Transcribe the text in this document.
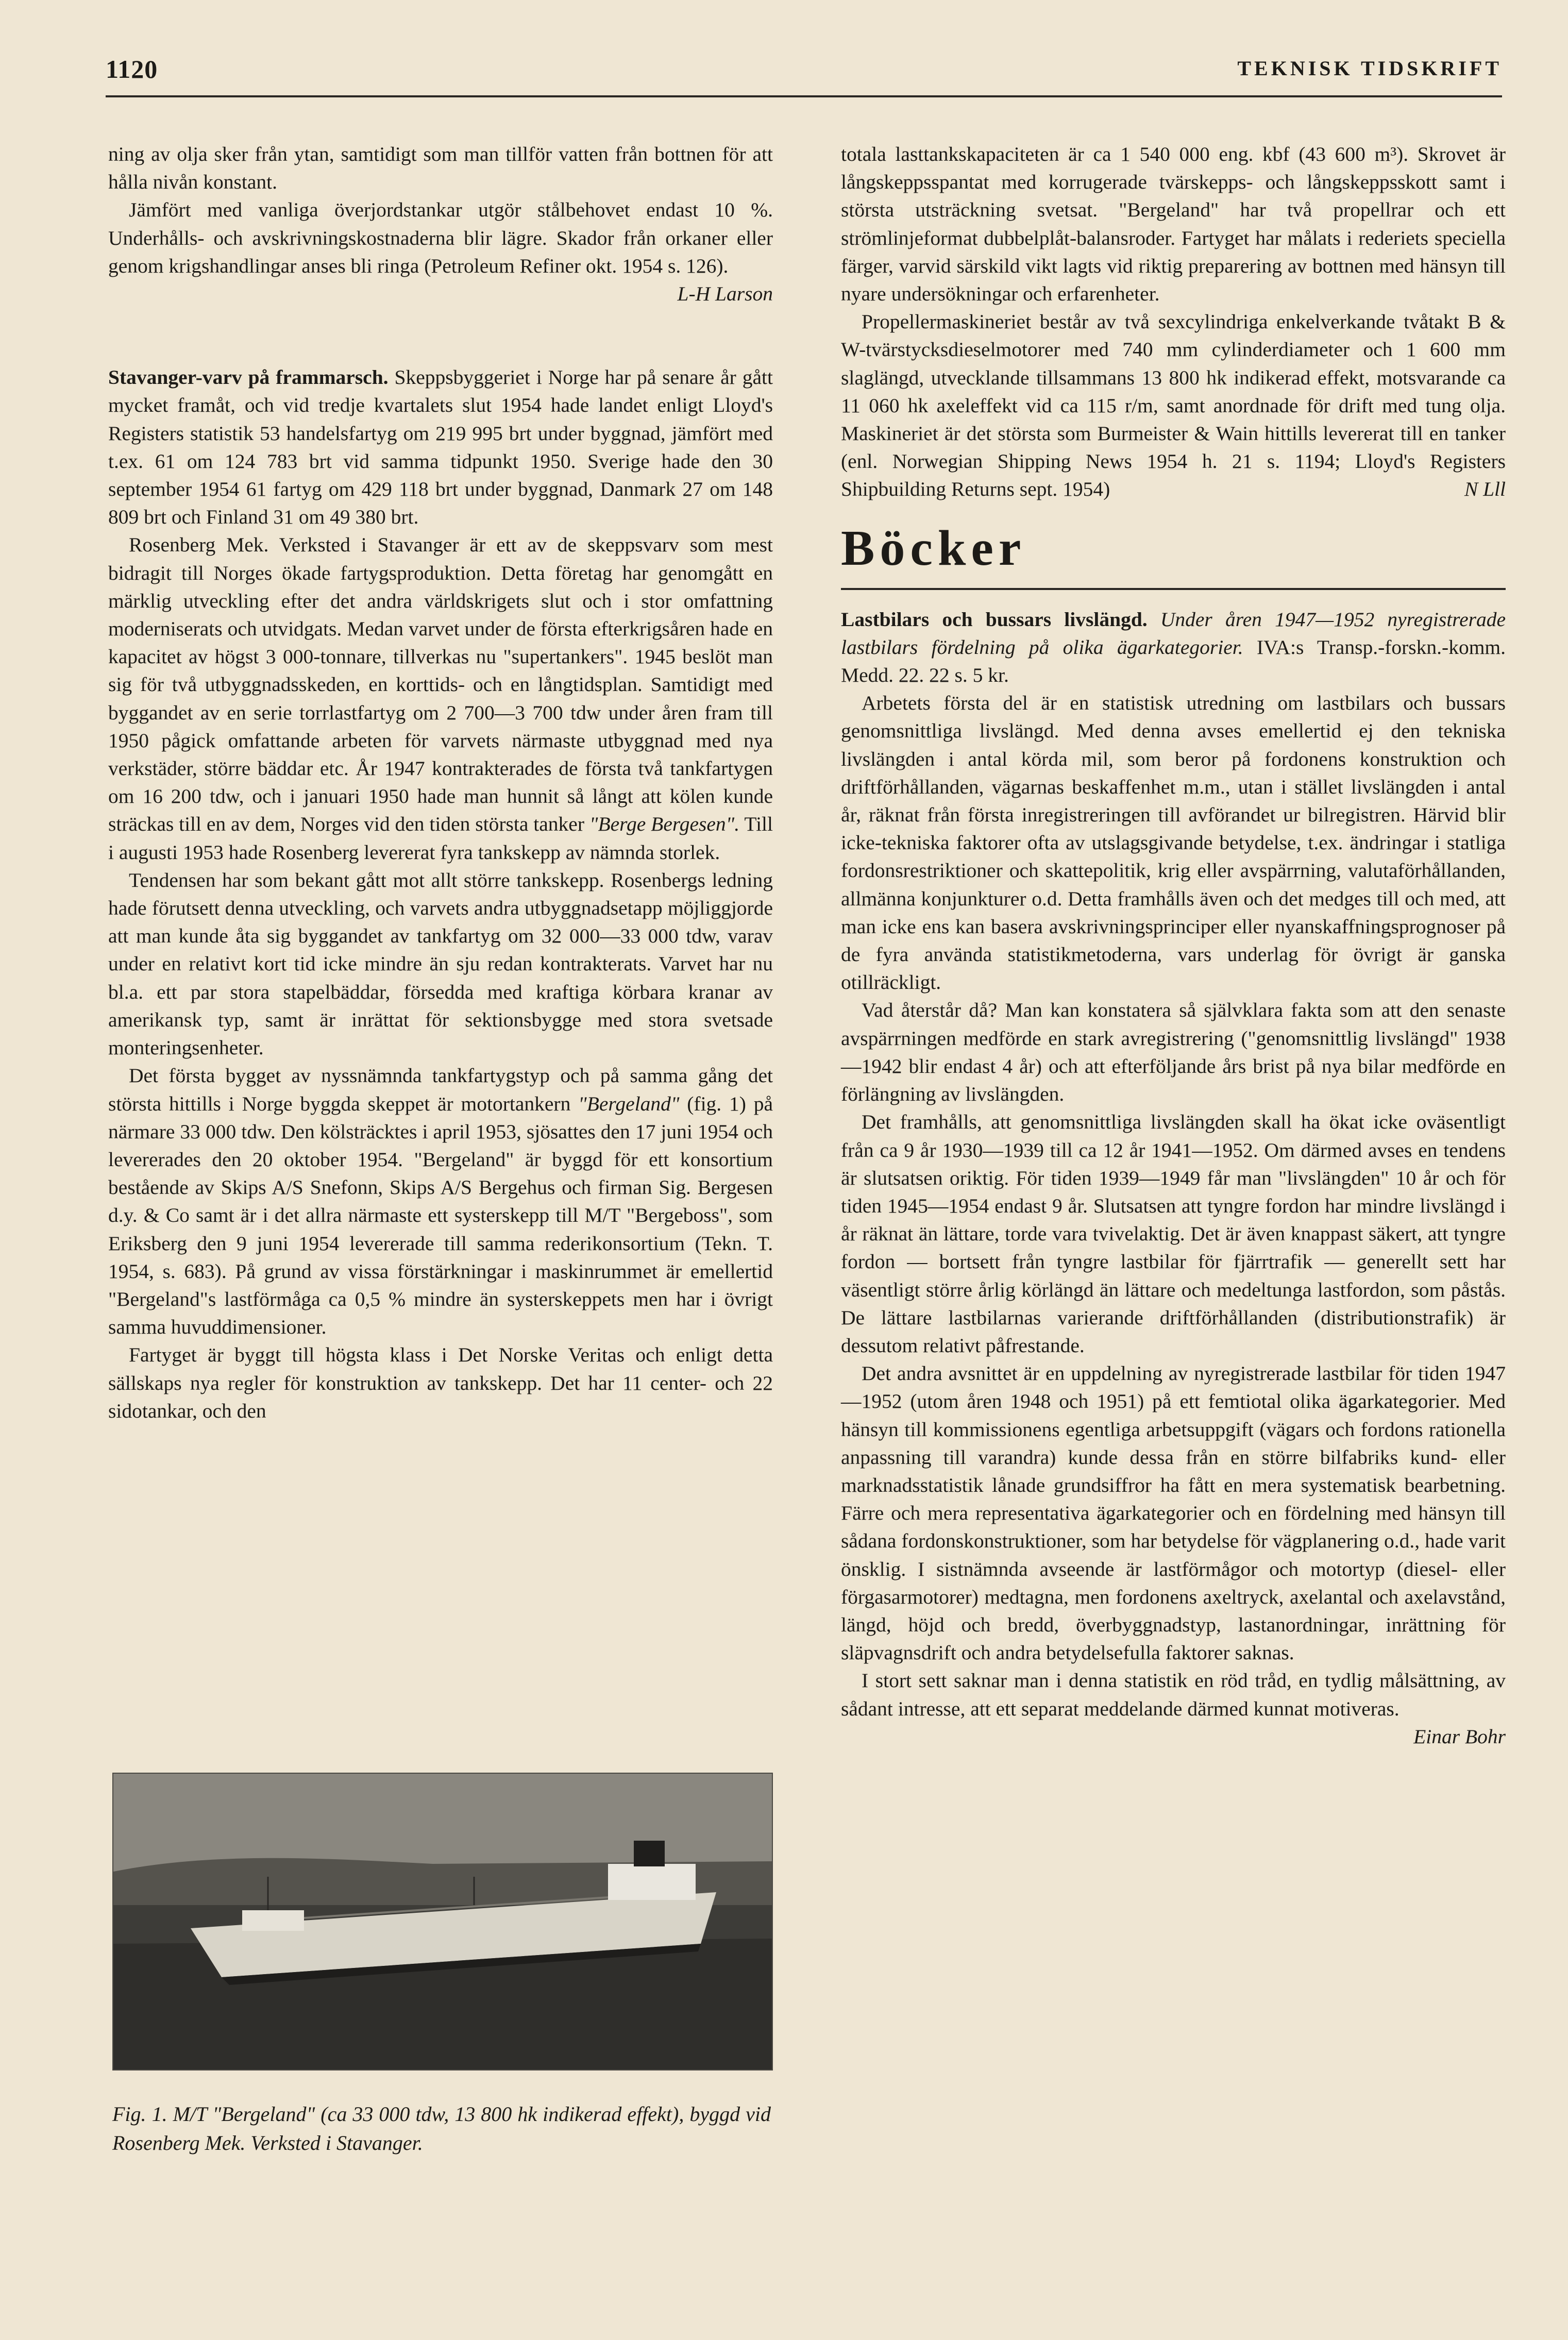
1120	TEKNISK TIDSKRIFT

ning av olja sker från ytan, samtidigt som man tillför vatten från bottnen för att hålla nivån konstant.

Jämfört med vanliga överjordstankar utgör stålbehovet endast 10 %. Underhålls- och avskrivningskostnaderna blir lägre. Skador från orkaner eller genom krigshandlingar anses bli ringa (Petroleum Refiner okt. 1954 s. 126).

L-H Larson

Stavanger-varv på frammarsch. Skeppsbyggeriet i Norge har på senare år gått mycket framåt, och vid tredje kvartalets slut 1954 hade landet enligt Lloyd's Registers statistik 53 handelsfartyg om 219 995 brt under byggnad, jämfört med t.ex. 61 om 124 783 brt vid samma tidpunkt 1950. Sverige hade den 30 september 1954 61 fartyg om 429 118 brt under byggnad, Danmark 27 om 148 809 brt och Finland 31 om 49 380 brt.

Rosenberg Mek. Verksted i Stavanger är ett av de skeppsvarv som mest bidragit till Norges ökade fartygsproduktion. Detta företag har genomgått en märklig utveckling efter det andra världskrigets slut och i stor omfattning moderniserats och utvidgats. Medan varvet under de första efterkrigsåren hade en kapacitet av högst 3 000-tonnare, tillverkas nu "supertankers". 1945 beslöt man sig för två utbyggnadsskeden, en korttids- och en långtidsplan. Samtidigt med byggandet av en serie torrlastfartyg om 2 700—3 700 tdw under åren fram till 1950 pågick omfattande arbeten för varvets närmaste utbyggnad med nya verkstäder, större bäddar etc. År 1947 kontrakterades de första två tankfartygen om 16 200 tdw, och i januari 1950 hade man hunnit så långt att kölen kunde sträckas till en av dem, Norges vid den tiden största tanker "Berge Bergesen". Till i augusti 1953 hade Rosenberg levererat fyra tankskepp av nämnda storlek.

Tendensen har som bekant gått mot allt större tankskepp. Rosenbergs ledning hade förutsett denna utveckling, och varvets andra utbyggnadsetapp möjliggjorde att man kunde åta sig byggandet av tankfartyg om 32 000—33 000 tdw, varav under en relativt kort tid icke mindre än sju redan kontrakterats. Varvet har nu bl.a. ett par stora stapelbäddar, försedda med kraftiga körbara kranar av amerikansk typ, samt är inrättat för sektionsbygge med stora svetsade monteringsenheter.

Det första bygget av nyssnämnda tankfartygstyp och på samma gång det största hittills i Norge byggda skeppet är motortankern "Bergeland" (fig. 1) på närmare 33 000 tdw. Den kölsträcktes i april 1953, sjösattes den 17 juni 1954 och levererades den 20 oktober 1954. "Bergeland" är byggd för ett konsortium bestående av Skips A/S Snefonn, Skips A/S Bergehus och firman Sig. Bergesen d.y. & Co samt är i det allra närmaste ett systerskepp till M/T "Bergeboss", som Eriksberg den 9 juni 1954 levererade till samma rederikonsortium (Tekn. T. 1954, s. 683). På grund av vissa förstärkningar i maskinrummet är emellertid "Bergeland"s lastförmåga ca 0,5 % mindre än systerskeppets men har i övrigt samma huvuddimensioner.

Fartyget är byggt till högsta klass i Det Norske Veritas och enligt detta sällskaps nya regler för konstruktion av tankskepp. Det har 11 center- och 22 sidotankar, och den

Fig. 1. M/T "Bergeland" (ca 33 000 tdw, 13 800 hk indikerad effekt), byggd vid Rosenberg Mek. Verksted i Stavanger.

totala lasttankskapaciteten är ca 1 540 000 eng. kbf (43 600 m³). Skrovet är långskeppsspantat med korrugerade tvärskepps- och långskeppsskott samt i största utsträckning svetsat. "Bergeland" har två propellrar och ett strömlinjeformat dubbelplåt-balansroder. Fartyget har målats i rederiets speciella färger, varvid särskild vikt lagts vid riktig preparering av bottnen med hänsyn till nyare undersökningar och erfarenheter.

Propellermaskineriet består av två sexcylindriga enkelverkande tvåtakt B & W-tvärstycksdieselmotorer med 740 mm cylinderdiameter och 1 600 mm slaglängd, utvecklande tillsammans 13 800 hk indikerad effekt, motsvarande ca 11 060 hk axeleffekt vid ca 115 r/m, samt anordnade för drift med tung olja. Maskineriet är det största som Burmeister & Wain hittills levererat till en tanker (enl. Norwegian Shipping News 1954 h. 21 s. 1194; Lloyd's Registers Shipbuilding Returns sept. 1954)	N Lll

Böcker

Lastbilars och bussars livslängd. Under åren 1947—1952 nyregistrerade lastbilars fördelning på olika ägarkategorier. IVA:s Transp.-forskn.-komm. Medd. 22. 22 s. 5 kr.

Arbetets första del är en statistisk utredning om lastbilars och bussars genomsnittliga livslängd. Med denna avses emellertid ej den tekniska livslängden i antal körda mil, som beror på fordonens konstruktion och driftförhållanden, vägarnas beskaffenhet m.m., utan i stället livslängden i antal år, räknat från första inregistreringen till avförandet ur bilregistren. Härvid blir icke-tekniska faktorer ofta av utslagsgivande betydelse, t.ex. ändringar i statliga fordonsrestriktioner och skattepolitik, krig eller avspärrning, valutaförhållanden, allmänna konjunkturer o.d. Detta framhålls även och det medges till och med, att man icke ens kan basera avskrivningsprinciper eller nyanskaffningsprognoser på de fyra använda statistikmetoderna, vars underlag för övrigt är ganska otillräckligt.

Vad återstår då? Man kan konstatera så självklara fakta som att den senaste avspärrningen medförde en stark avregistrering ("genomsnittlig livslängd" 1938—1942 blir endast 4 år) och att efterföljande års brist på nya bilar medförde en förlängning av livslängden.

Det framhålls, att genomsnittliga livslängden skall ha ökat icke oväsentligt från ca 9 år 1930—1939 till ca 12 år 1941—1952. Om därmed avses en tendens är slutsatsen oriktig. För tiden 1939—1949 får man "livslängden" 10 år och för tiden 1945—1954 endast 9 år. Slutsatsen att tyngre fordon har mindre livslängd i år räknat än lättare, torde vara tvivelaktig. Det är även knappast säkert, att tyngre fordon — bortsett från tyngre lastbilar för fjärrtrafik — generellt sett har väsentligt större årlig körlängd än lättare och medeltunga lastfordon, som påstås. De lättare lastbilarnas varierande driftförhållanden (distributionstrafik) är dessutom relativt påfrestande.

Det andra avsnittet är en uppdelning av nyregistrerade lastbilar för tiden 1947—1952 (utom åren 1948 och 1951) på ett femtiotal olika ägarkategorier. Med hänsyn till kommissionens egentliga arbetsuppgift (vägars och fordons rationella anpassning till varandra) kunde dessa från en större bilfabriks kund- eller marknadsstatistik lånade grundsiffror ha fått en mera systematisk bearbetning. Färre och mera representativa ägarkategorier och en fördelning med hänsyn till sådana fordonskonstruktioner, som har betydelse för vägplanering o.d., hade varit önsklig. I sistnämnda avseende är lastförmågor och motortyp (diesel- eller förgasarmotorer) medtagna, men fordonens axeltryck, axelantal och axelavstånd, längd, höjd och bredd, överbyggnadstyp, lastanordningar, inrättning för släpvagnsdrift och andra betydelsefulla faktorer saknas.

I stort sett saknar man i denna statistik en röd tråd, en tydlig målsättning, av sådant intresse, att ett separat meddelande därmed kunnat motiveras.
Einar Bohr
